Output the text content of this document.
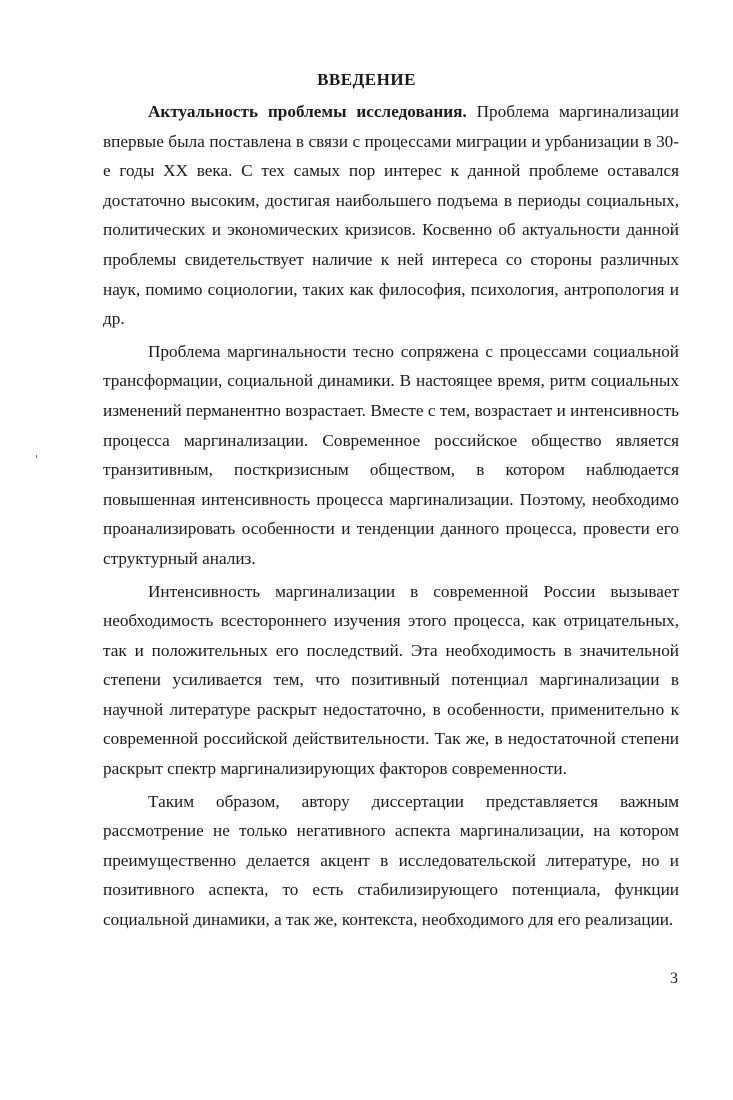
ВВЕДЕНИЕ

Актуальность проблемы исследования. Проблема маргинализации впервые была поставлена в связи с процессами миграции и урбанизации в 30-е годы XX века. С тех самых пор интерес к данной проблеме оставался достаточно высоким, достигая наибольшего подъема в периоды социальных, политических и экономических кризисов. Косвенно об актуальности данной проблемы свидетельствует наличие к ней интереса со стороны различных наук, помимо социологии, таких как философия, психология, антропология и др.

Проблема маргинальности тесно сопряжена с процессами социальной трансформации, социальной динамики. В настоящее время, ритм социальных изменений перманентно возрастает. Вместе с тем, возрастает и интенсивность процесса маргинализации. Современное российское общество является транзитивным, посткризисным обществом, в котором наблюдается повышенная интенсивность процесса маргинализации. Поэтому, необходимо проанализировать особенности и тенденции данного процесса, провести его структурный анализ.

Интенсивность маргинализации в современной России вызывает необходимость всестороннего изучения этого процесса, как отрицательных, так и положительных его последствий. Эта необходимость в значительной степени усиливается тем, что позитивный потенциал маргинализации в научной литературе раскрыт недостаточно, в особенности, применительно к современной российской действительности. Так же, в недостаточной степени раскрыт спектр маргинализирующих факторов современности.

Таким образом, автору диссертации представляется важным рассмотрение не только негативного аспекта маргинализации, на котором преимущественно делается акцент в исследовательской литературе, но и позитивного аспекта, то есть стабилизирующего потенциала, функции социальной динамики, а так же, контекста, необходимого для его реализации.

3
